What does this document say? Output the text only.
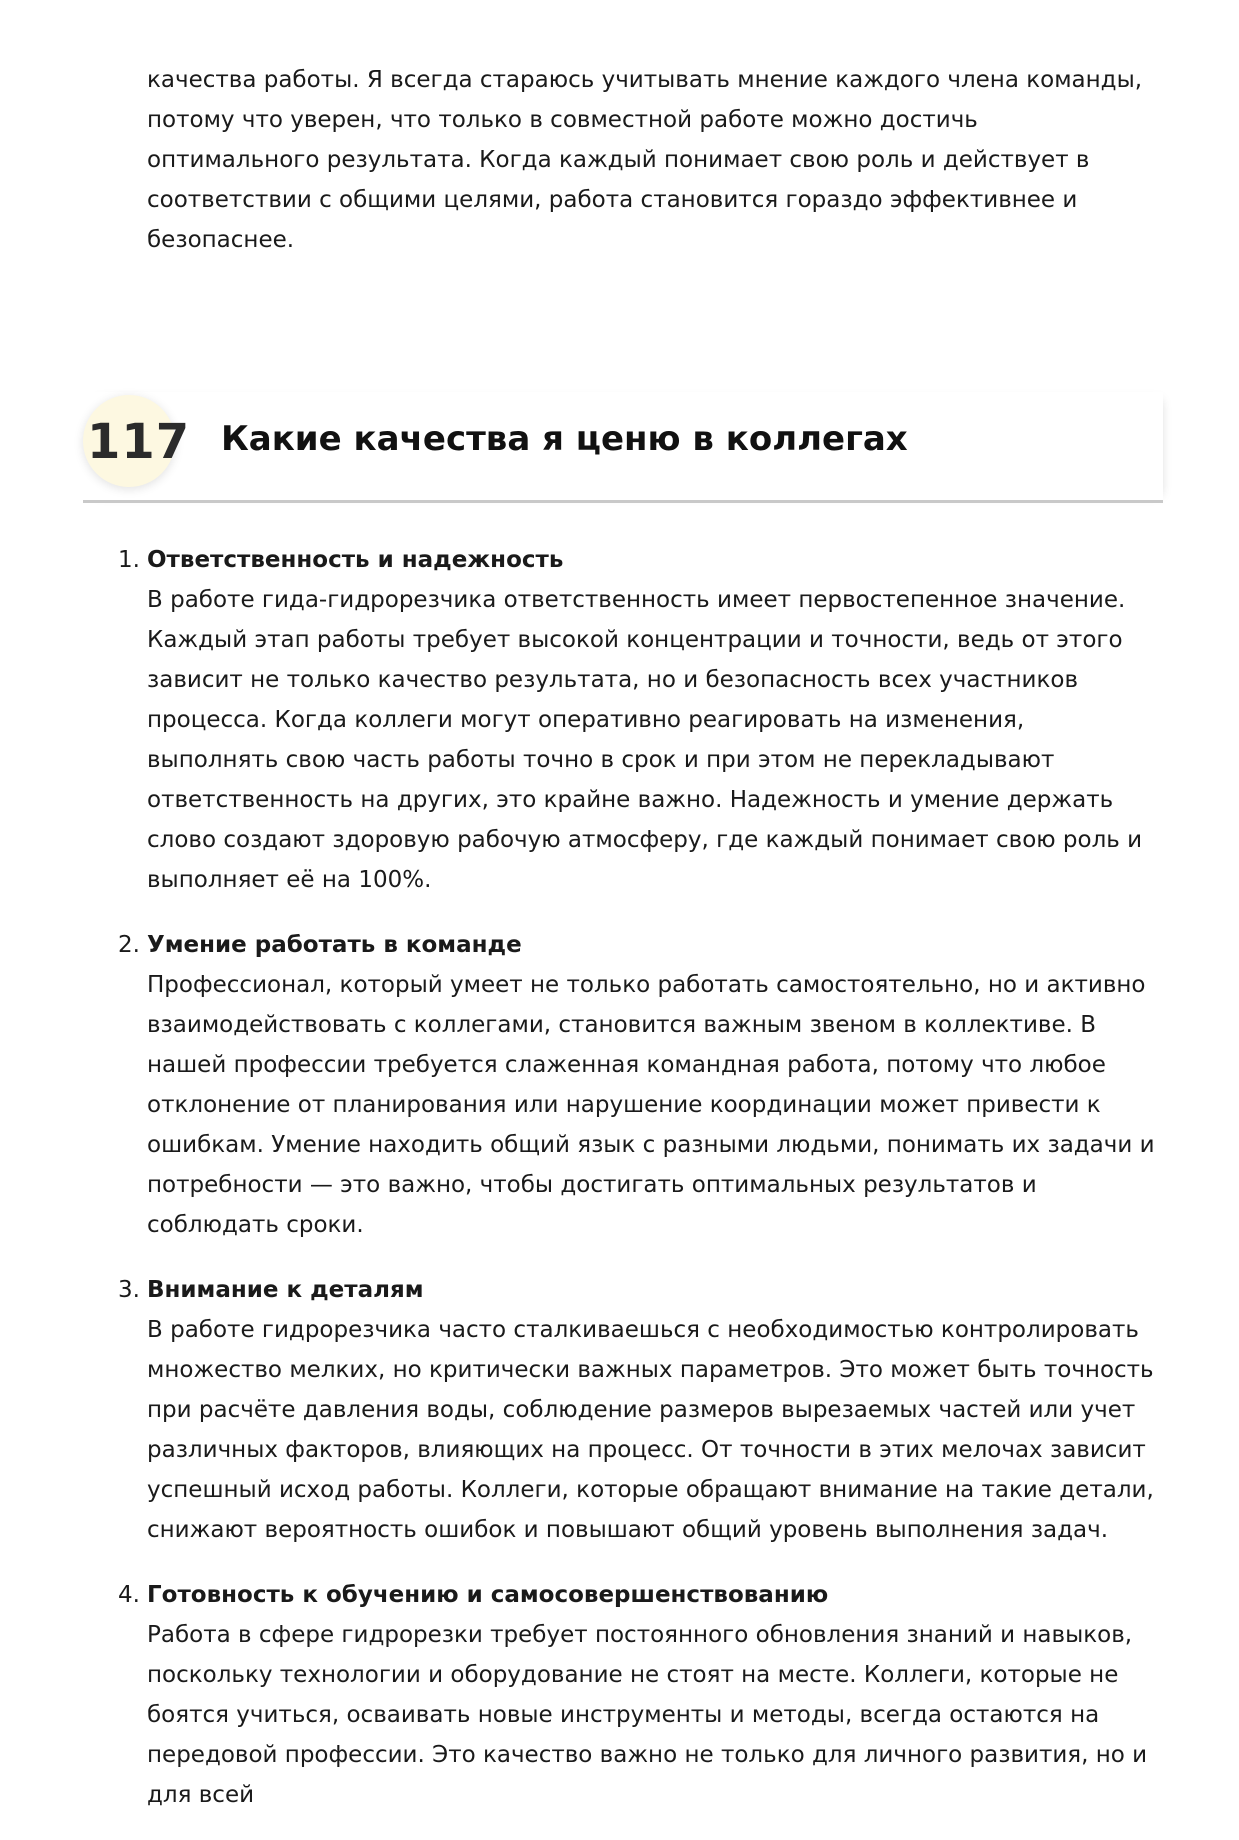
качества работы. Я всегда стараюсь учитывать мнение каждого члена команды, потому что уверен, что только в совместной работе можно достичь оптимального результата. Когда каждый понимает свою роль и действует в соответствии с общими целями, работа становится гораздо эффективнее и безопаснее.

117 Какие качества я ценю в коллегах
1. Ответственность и надежность
В работе гида-гидрорезчика ответственность имеет первостепенное значение. Каждый этап работы требует высокой концентрации и точности, ведь от этого зависит не только качество результата, но и безопасность всех участников процесса. Когда коллеги могут оперативно реагировать на изменения, выполнять свою часть работы точно в срок и при этом не перекладывают ответственность на других, это крайне важно. Надежность и умение держать слово создают здоровую рабочую атмосферу, где каждый понимает свою роль и выполняет её на 100%.
2. Умение работать в команде
Профессионал, который умеет не только работать самостоятельно, но и активно взаимодействовать с коллегами, становится важным звеном в коллективе. В нашей профессии требуется слаженная командная работа, потому что любое отклонение от планирования или нарушение координации может привести к ошибкам. Умение находить общий язык с разными людьми, понимать их задачи и потребности — это важно, чтобы достигать оптимальных результатов и соблюдать сроки.
3. Внимание к деталям
В работе гидрорезчика часто сталкиваешься с необходимостью контролировать множество мелких, но критически важных параметров. Это может быть точность при расчёте давления воды, соблюдение размеров вырезаемых частей или учет различных факторов, влияющих на процесс. От точности в этих мелочах зависит успешный исход работы. Коллеги, которые обращают внимание на такие детали, снижают вероятность ошибок и повышают общий уровень выполнения задач.
4. Готовность к обучению и самосовершенствованию
Работа в сфере гидрорезки требует постоянного обновления знаний и навыков, поскольку технологии и оборудование не стоят на месте. Коллеги, которые не боятся учиться, осваивать новые инструменты и методы, всегда остаются на передовой профессии. Это качество важно не только для личного развития, но и для всей
